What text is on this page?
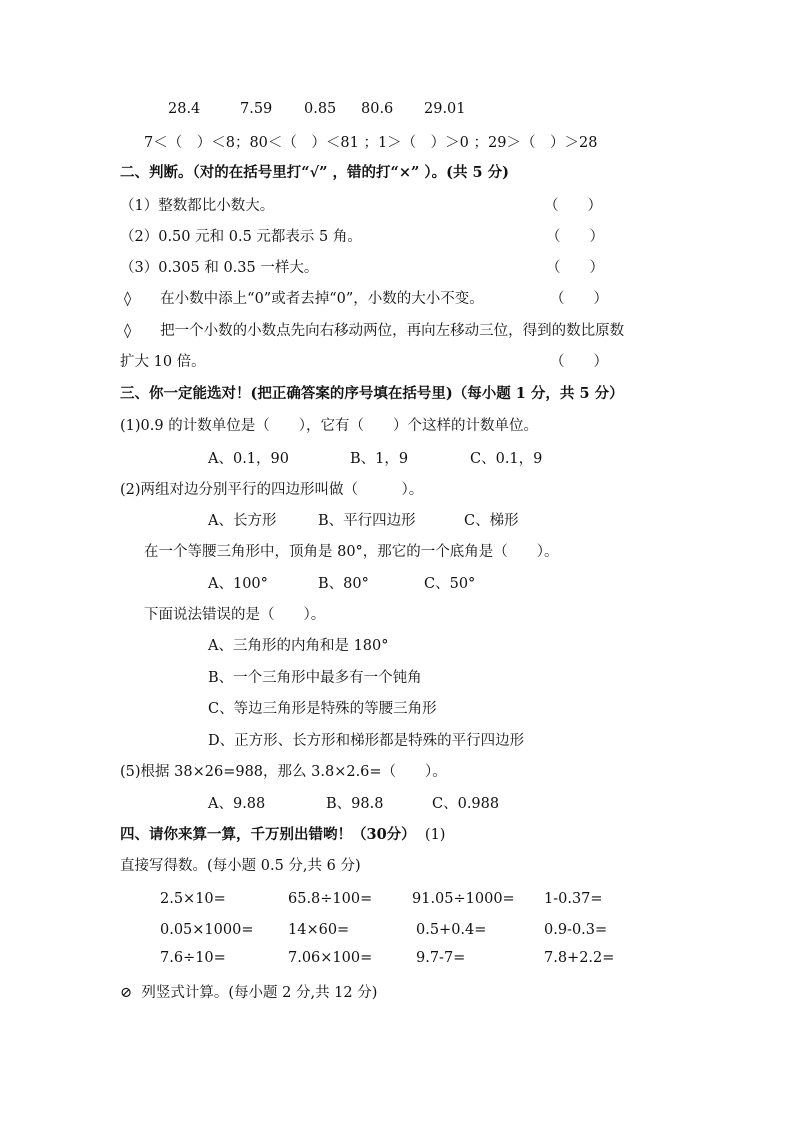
28.4	7.59 0.85 80.6 29.01
7＜（　）＜8；80＜（　）＜81 ；1＞（　）＞0 ；29＞（　）＞28
二、判断。（对的在括号里打“√” ，错的打“×” ）。(共 5 分)
（1）整数都比小数大。	（　　）
（2）0.50 元和 0.5 元都表示 5 角。	（　　）
（3）0.305 和 0.35 一样大。	（　　）
◊　　在小数中添上“0”或者去掉“0”，小数的大小不变。	（　　）
◊　　把一个小数的小数点先向右移动两位，再向左移动三位，得到的数比原数
扩大 10 倍。	（　　）
三、你一定能选对！(把正确答案的序号填在括号里)（每小题 1 分，共 5 分）
(1)0.9 的计数单位是（　　），它有（　　）个这样的计数单位。
A、0.1，90	B、1，9	C、0.1，9
(2)两组对边分别平行的四边形叫做（　　　）。
A、长方形	B、平行四边形	C、梯形
在一个等腰三角形中，顶角是 80°，那它的一个底角是（　　）。
A、100°	B、80°	C、50°
下面说法错误的是（　　）。
A、三角形的内角和是 180°
B、一个三角形中最多有一个钝角
C、等边三角形是特殊的等腰三角形
D、正方形、长方形和梯形都是特殊的平行四边形
(5)根据 38×26=988，那么 3.8×2.6=（　　）。
A、9.88	B、98.8	C、0.988
四、请你来算一算，千万别出错哟！（30分） (1)
直接写得数。(每小题 0.5 分,共 6 分)
2.5×10=	65.8÷100=	91.05÷1000= 1-0.37=
0.05×1000= 14×60=	0.5+0.4=	0.9-0.3=
7.6÷10=	7.06×100=	9.7-7=	7.8+2.2=
⊘  列竖式计算。(每小题 2 分,共 12 分)
